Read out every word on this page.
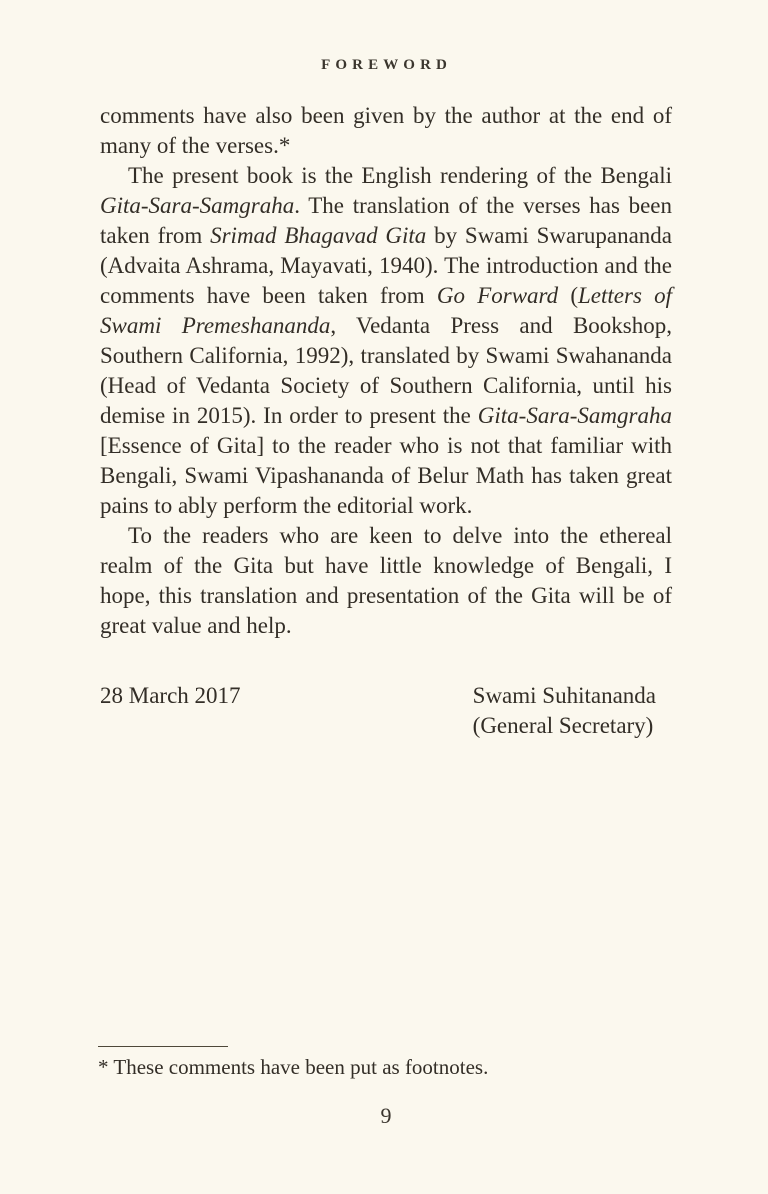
FOREWORD

comments have also been given by the author at the end of many of the verses.*

The present book is the English rendering of the Bengali Gita-Sara-Samgraha. The translation of the verses has been taken from Srimad Bhagavad Gita by Swami Swarupananda (Advaita Ashrama, Mayavati, 1940). The introduction and the comments have been taken from Go Forward (Letters of Swami Premeshananda, Vedanta Press and Bookshop, Southern California, 1992), translated by Swami Swahananda (Head of Vedanta Society of Southern California, until his demise in 2015). In order to present the Gita-Sara-Samgraha [Essence of Gita] to the reader who is not that familiar with Bengali, Swami Vipashananda of Belur Math has taken great pains to ably perform the editorial work.

To the readers who are keen to delve into the ethereal realm of the Gita but have little knowledge of Bengali, I hope, this translation and presentation of the Gita will be of great value and help.

28 March 2017	Swami Suhitananda
(General Secretary)
* These comments have been put as footnotes.
9
